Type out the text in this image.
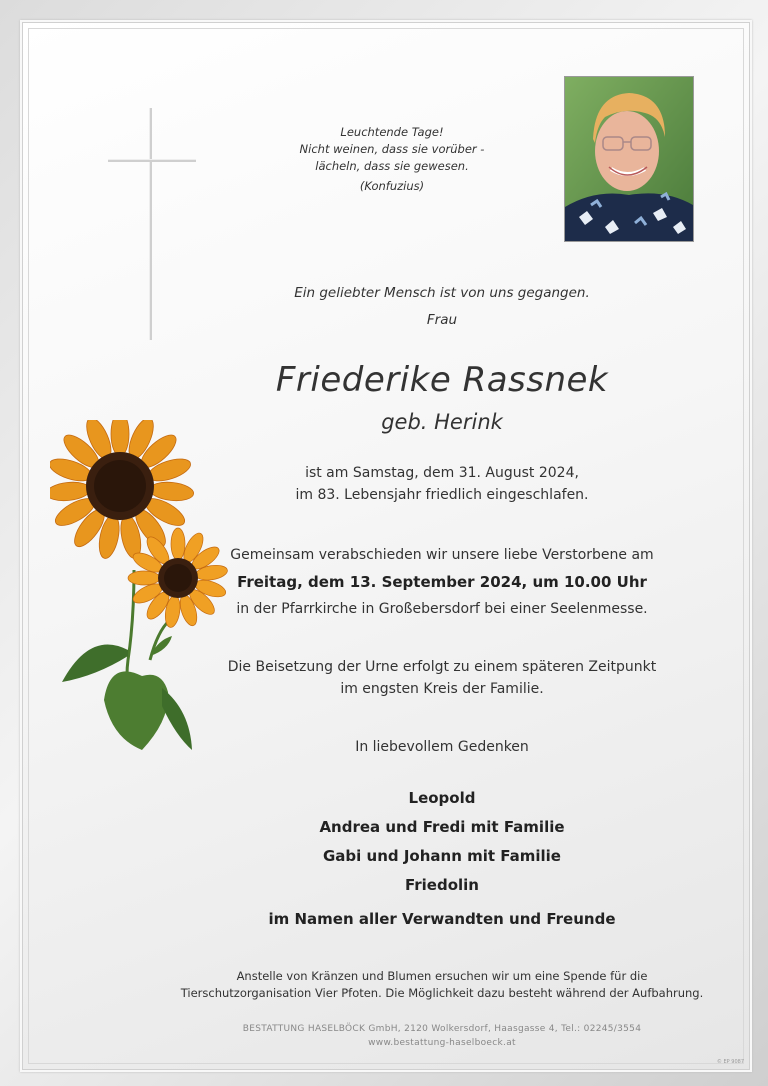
Leuchtende Tage!
Nicht weinen, dass sie vorüber -
lächeln, dass sie gewesen.
(Konfuzius)
Ein geliebter Mensch ist von uns gegangen.
Frau
Friederike Rassnek
geb. Herink
ist am Samstag, dem 31. August 2024,
im 83. Lebensjahr friedlich eingeschlafen.
Gemeinsam verabschieden wir unsere liebe Verstorbene am
Freitag, dem 13. September 2024, um 10.00 Uhr
in der Pfarrkirche in Großebersdorf bei einer Seelenmesse.
Die Beisetzung der Urne erfolgt zu einem späteren Zeitpunkt
im engsten Kreis der Familie.
In liebevollem Gedenken
Leopold
Andrea und Fredi mit Familie
Gabi und Johann mit Familie
Friedolin
im Namen aller Verwandten und Freunde
Anstelle von Kränzen und Blumen ersuchen wir um eine Spende für die
Tierschutzorganisation Vier Pfoten. Die Möglichkeit dazu besteht während der Aufbahrung.
BESTATTUNG HASELBÖCK GmbH, 2120 Wolkersdorf, Haasgasse 4, Tel.: 02245/3554
www.bestattung-haselboeck.at
© EP 9087
